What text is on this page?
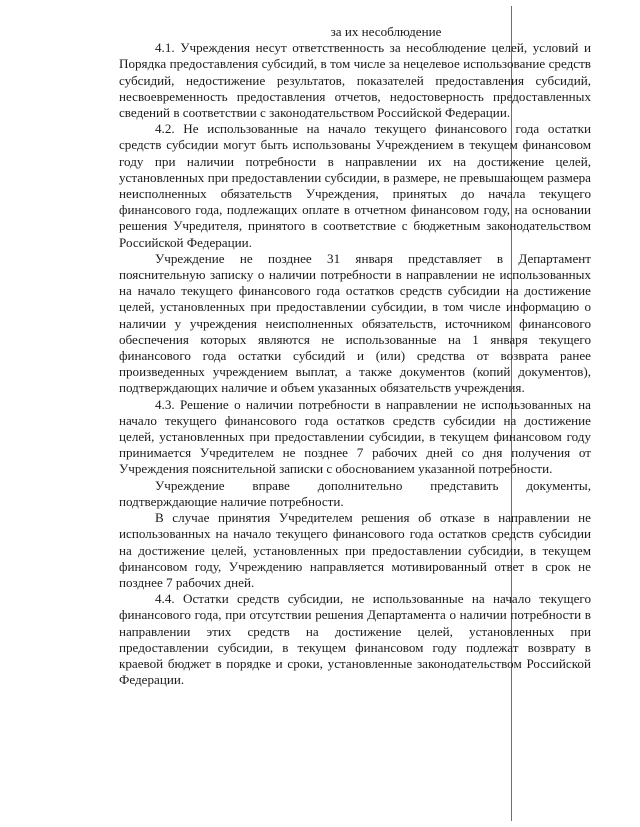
за их несоблюдение

4.1. Учреждения несут ответственность за несоблюдение целей, условий и Порядка предоставления субсидий, в том числе за нецелевое использование средств субсидий, недостижение результатов, показателей предоставления субсидий, несвоевременность предоставления отчетов, недостоверность предоставленных сведений в соответствии с законодательством Российской Федерации.

4.2. Не использованные на начало текущего финансового года остатки средств субсидии могут быть использованы Учреждением в текущем финансовом году при наличии потребности в направлении их на достижение целей, установленных при предоставлении субсидии, в размере, не превышающем размера неисполненных обязательств Учреждения, принятых до начала текущего финансового года, подлежащих оплате в отчетном финансовом году, на основании решения Учредителя, принятого в соответствие с бюджетным законодательством Российской Федерации.

Учреждение не позднее 31 января представляет в Департамент пояснительную записку о наличии потребности в направлении не использованных на начало текущего финансового года остатков средств субсидии на достижение целей, установленных при предоставлении субсидии, в том числе информацию о наличии у учреждения неисполненных обязательств, источником финансового обеспечения которых являются не использованные на 1 января текущего финансового года остатки субсидий и (или) средства от возврата ранее произведенных учреждением выплат, а также документов (копий документов), подтверждающих наличие и объем указанных обязательств учреждения.

4.3. Решение о наличии потребности в направлении не использованных на начало текущего финансового года остатков средств субсидии на достижение целей, установленных при предоставлении субсидии, в текущем финансовом году принимается Учредителем не позднее 7 рабочих дней со дня получения от Учреждения пояснительной записки с обоснованием указанной потребности.

Учреждение вправе дополнительно представить документы, подтверждающие наличие потребности.

В случае принятия Учредителем решения об отказе в направлении не использованных на начало текущего финансового года остатков средств субсидии на достижение целей, установленных при предоставлении субсидии, в текущем финансовом году, Учреждению направляется мотивированный ответ в срок не позднее 7 рабочих дней.

4.4. Остатки средств субсидии, не использованные на начало текущего финансового года, при отсутствии решения Департамента о наличии потребности в направлении этих средств на достижение целей, установленных при предоставлении субсидии, в текущем финансовом году подлежат возврату в краевой бюджет в порядке и сроки, установленные законодательством Российской Федерации.
